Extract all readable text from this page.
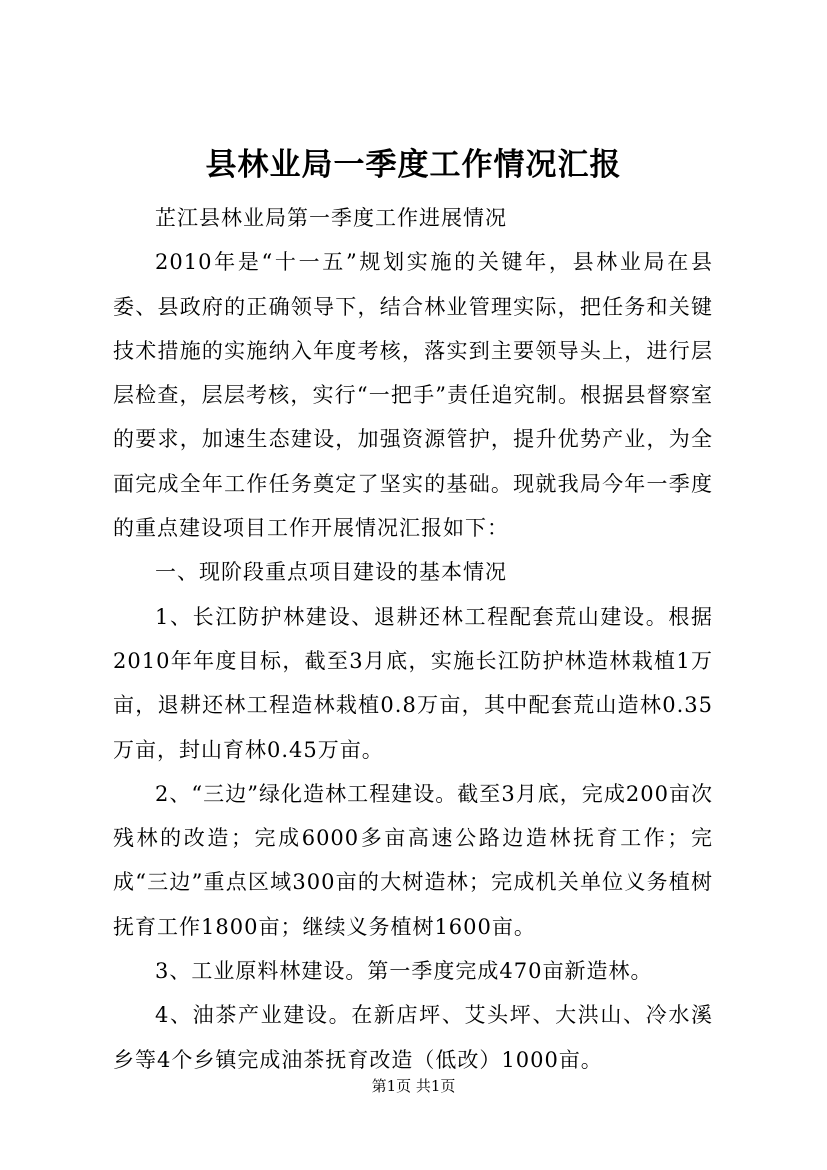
县林业局一季度工作情况汇报

芷江县林业局第一季度工作进展情况

2010年是“十一五”规划实施的关键年，县林业局在县委、县政府的正确领导下，结合林业管理实际，把任务和关键技术措施的实施纳入年度考核，落实到主要领导头上，进行层层检查，层层考核，实行“一把手”责任追究制。根据县督察室的要求，加速生态建设，加强资源管护，提升优势产业，为全面完成全年工作任务奠定了坚实的基础。现就我局今年一季度的重点建设项目工作开展情况汇报如下：

一、现阶段重点项目建设的基本情况

1、长江防护林建设、退耕还林工程配套荒山建设。根据2010年年度目标，截至3月底，实施长江防护林造林栽植1万亩，退耕还林工程造林栽植0.8万亩，其中配套荒山造林0.35万亩，封山育林0.45万亩。

2、“三边”绿化造林工程建设。截至3月底，完成200亩次残林的改造；完成6000多亩高速公路边造林抚育工作；完成“三边”重点区域300亩的大树造林；完成机关单位义务植树抚育工作1800亩；继续义务植树1600亩。

3、工业原料林建设。第一季度完成470亩新造林。

4、油茶产业建设。在新店坪、艾头坪、大洪山、冷水溪乡等4个乡镇完成油茶抚育改造（低改）1000亩。

第1页 共1页
